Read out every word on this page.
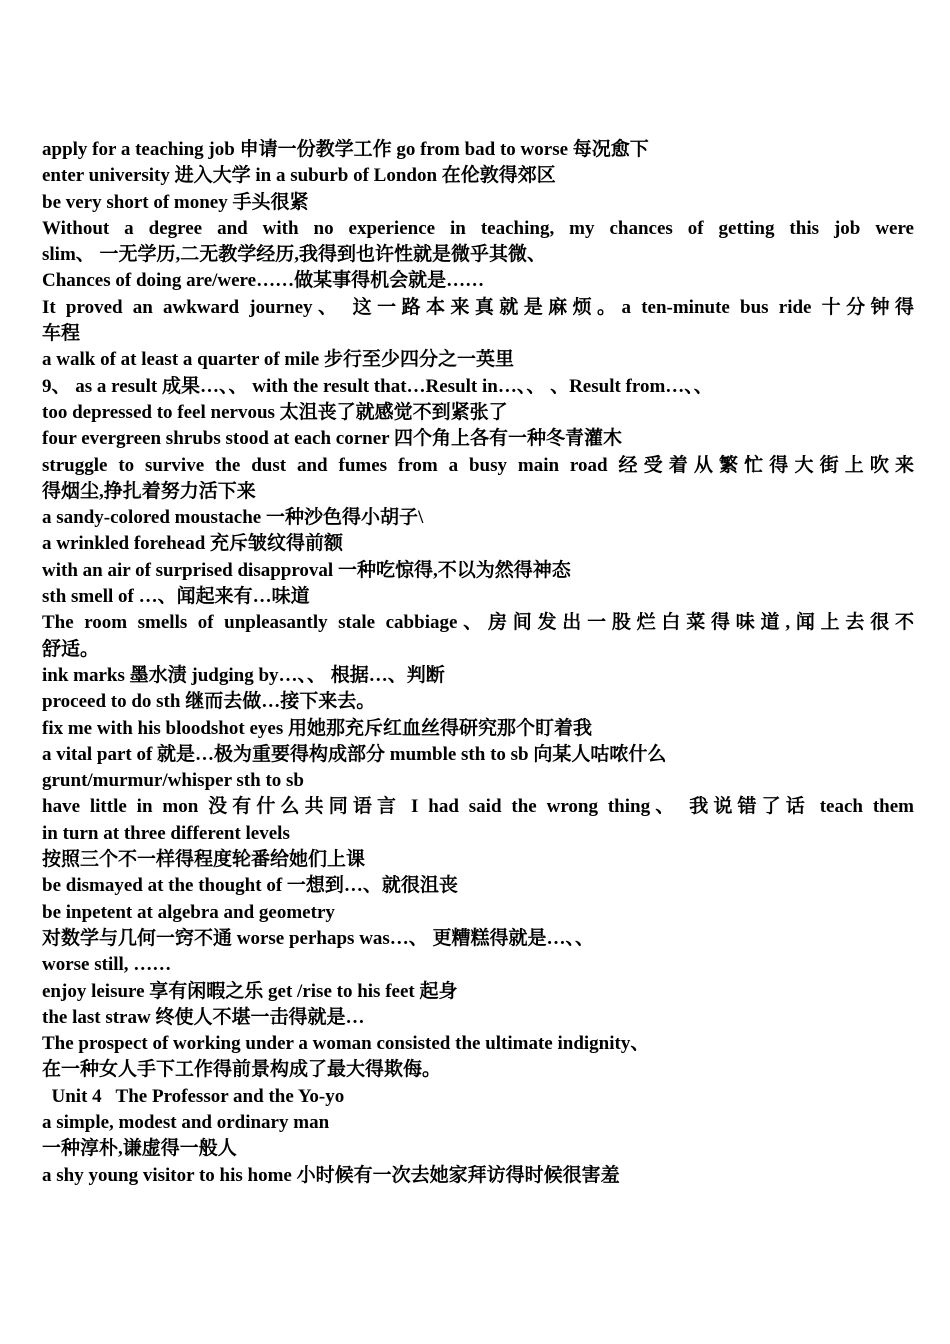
apply for a teaching job 申请一份教学工作 go from bad to worse 每况愈下
enter university 进入大学 in a suburb of London 在伦敦得郊区
be very short of money 手头很紧
Without a degree and with no experience in teaching, my chances of getting this job were
slim、 一无学历,二无教学经历,我得到也许性就是微乎其微、
Chances of doing are/were……做某事得机会就是……
It proved an awkward journey、 这一路本来真就是麻烦。a ten-minute bus ride 十分钟得
车程
a walk of at least a quarter of mile 步行至少四分之一英里
9、 as a result 成果…、、 with the result that…Result in…、、 、Result from…、、
too depressed to feel nervous 太沮丧了就感觉不到紧张了
four evergreen shrubs stood at each corner 四个角上各有一种冬青灌木
struggle to survive the dust and fumes from a busy main road 经受着从繁忙得大街上吹来
得烟尘,挣扎着努力活下来
a sandy-colored moustache 一种沙色得小胡子\
a wrinkled forehead 充斥皱纹得前额
with an air of surprised disapproval 一种吃惊得,不以为然得神态
sth smell of …、闻起来有…味道
The room smells of unpleasantly stale cabbiage、房间发出一股烂白菜得味道,闻上去很不
舒适。
ink marks 墨水渍 judging by…、、 根据…、判断
proceed to do sth 继而去做…接下来去。
fix me with his bloodshot eyes 用她那充斥红血丝得研究那个盯着我
a vital part of 就是…极为重要得构成部分 mumble sth to sb 向某人咕哝什么
grunt/murmur/whisper sth to sb
have little in mon 没有什么共同语言 I had said the wrong thing、 我说错了话 teach them
in turn at three different levels
按照三个不一样得程度轮番给她们上课
be dismayed at the thought of 一想到…、就很沮丧
be inpetent at algebra and geometry
对数学与几何一窍不通 worse perhaps was…、 更糟糕得就是…、、
worse still, ……
enjoy leisure 享有闲暇之乐 get /rise to his feet 起身
the last straw 终使人不堪一击得就是…
The prospect of working under a woman consisted the ultimate indignity、
在一种女人手下工作得前景构成了最大得欺侮。
Unit 4   The Professor and the Yo-yo
a simple, modest and ordinary man
一种淳朴,谦虚得一般人
a shy young visitor to his home 小时候有一次去她家拜访得时候很害羞
